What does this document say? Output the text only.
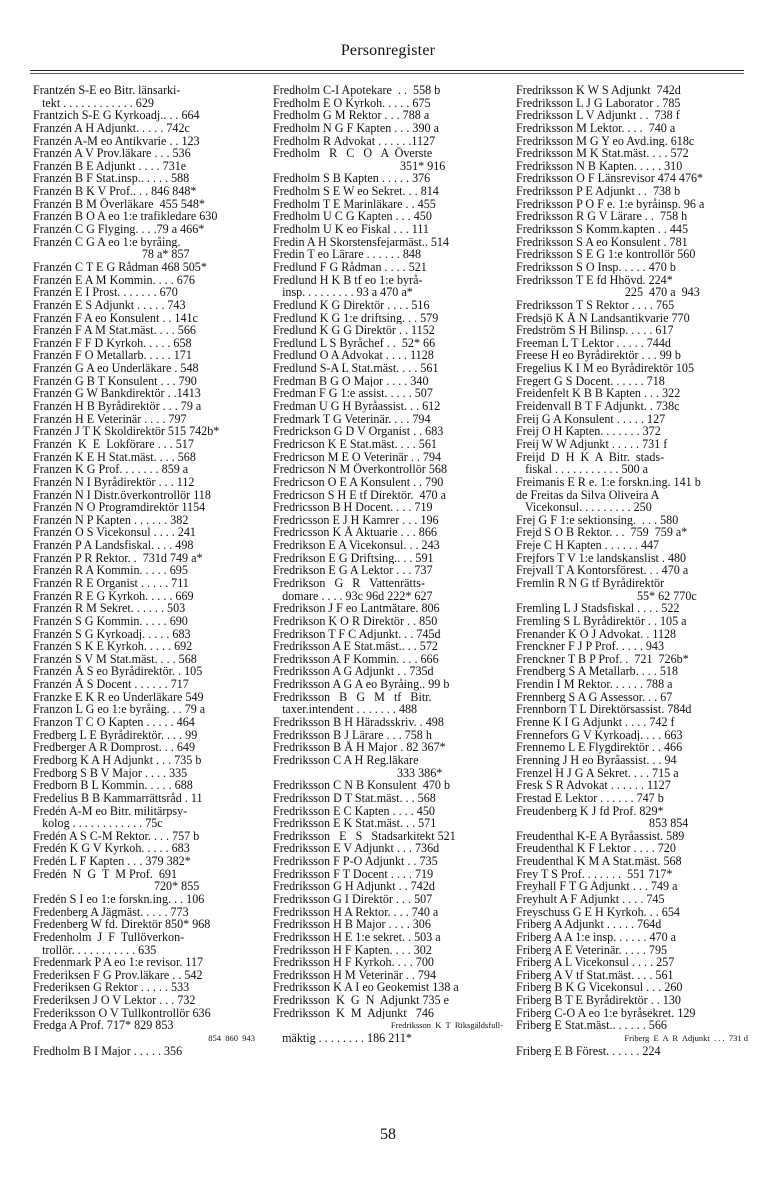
Personregister
Frantzén S-E eo Bitr. länsarki-
tekt . . . . . . . . . . . . 629
Frantzich S-E G Kyrkoadj.. . . 664
Franzén A H Adjunkt. . . . . 742c
Franzén A-M eo Antikvarie . . 123
Franzén A V Prov.läkare . . . 536
Franzén B E Adjunkt . . . . 731e
Franzén B F Stat.insp.. . . . . 588
Franzén B K V Prof.. . . 846 848*
Franzén B M Överläkare  455 548*
Franzén B O A eo 1:e trafikledare 630
Franzén C G Flyging. . . .79 a 466*
Franzén C G A eo 1:e byråing.
78 a* 857
Franzén C T E G Rådman 468 505*
Franzén E A M Kommin. . . . 676
Franzén E I Prost. . . . . . . 670
Franzén E S Adjunkt . . . . . 743
Franzén F A eo Konsulent . . 141c
Franzén F A M Stat.mäst. . . . 566
Franzén F F D Kyrkoh. . . . . 658
Franzén F O Metallarb. . . . . 171
Franzén G A eo Underläkare . 548
Franzén G B T Konsulent . . . 790
Franzén G W Bankdirektör . .1413
Franzén H B Byrådirektör . . . 79 a
Franzén H E Veterinär . . . . 797
Franzén J T K Skoldirektör 515 742b*
Franzén  K  E  Lokförare . . . 517
Franzén K E H Stat.mäst. . . . 568
Franzen K G Prof. . . . . . . 859 a
Franzén N I Byrådirektör . . . 112
Franzén N I Distr.överkontrollör 118
Franzén N O Programdirektör 1154
Franzén N P Kapten . . . . . . 382
Franzén O S Vicekonsul . . . . 241
Franzén P A Landsfiskal. . . . 498
Franzén P R Rektor. .  731d 749 a*
Franzén R A Kommin. . . . . 695
Franzén R E Organist . . . . . 711
Franzén R E G Kyrkoh. . . . . 669
Franzén R M Sekret. . . . . . 503
Franzén S G Kommin. . . . . 690
Franzén S G Kyrkoadj. . . . . 683
Franzén S K E Kyrkoh. . . . . 692
Franzén S V M Stat.mäst. . . . 568
Franzén Å S eo Byrådirektör. . 105
Franzén Å S Docent . . . . . . 717
Franzke E K R eo Underläkare 549
Franzon L G eo 1:e byråing. . . 79 a
Franzon T C O Kapten . . . . . 464
Fredberg L E Byrådirektör. . . . 99
Fredberger A R Domprost. . . 649
Fredborg K A H Adjunkt . . . 735 b
Fredborg S B V Major . . . . 335
Fredborn B L Kommin. . . . . 688
Fredelius B B Kammarrättsråd . 11
Fredén A-M eo Bitr. militärpsy-
kolog . . . . . . . . . . . . 75c
Fredén A S C-M Rektor. . . . 757 b
Fredén K G V Kyrkoh. . . . . 683
Fredén L F Kapten . . . 379 382*
Fredén  N  G  T  M Prof.  691
720* 855
Fredén S I eo 1:e forskn.ing. . . 106
Fredenberg A Jägmäst. . . . . 773
Fredenberg W fd. Direktör 850* 968
Fredenholm  J  F  Tullöverkon-
trollör. . . . . . . . . . . 635
Fredenmark P A eo 1:e revisor. 117
Frederiksen F G Prov.läkare . . 542
Frederiksen G Rektor . . . . . 533
Frederiksen J O V Lektor . . . 732
Frederiksson O V Tullkontrollör 636
Fredga A Prof. 717* 829 853
854  860  943
Fredholm B I Major . . . . . 356
Fredholm C-I Apotekare  . .  558 b
Fredholm E O Kyrkoh. . . . . 675
Fredholm G M Rektor . . . 788 a
Fredholm N G F Kapten . . . 390 a
Fredholm R Advokat . . . . . .1127
Fredholm   R   C   O   A  Överste
351* 916
Fredholm S B Kapten . . . . . 376
Fredholm S E W eo Sekret. . . 814
Fredholm T E Marinläkare . . 455
Fredholm U C G Kapten . . . 450
Fredholm U K eo Fiskal . . . 111
Fredin A H Skorstensfejarmäst.. 514
Fredin T eo Lärare . . . . . . 848
Fredlund F G Rådman . . . . 521
Fredlund H K B tf eo 1:e byrå-
insp. . . . . . . . . 93 a 470 a*
Fredlund K G Direktör . . . . 516
Fredlund K G 1:e driftsing. . . 579
Fredlund K G G Direktör . . 1152
Fredlund L S Byråchef . .  52* 66
Fredlund O A Advokat . . . . 1128
Fredlund S-A L Stat.mäst. . . . 561
Fredman B G O Major . . . . 340
Fredman F G 1:e assist. . . . . 507
Fredman U G H Byråassist. . . 612
Fredmark T G Veterinär. . . . 794
Fredrickson G D V Organist . . 683
Fredricson K E Stat.mäst. . . . 561
Fredricson M E O Veterinär . . 794
Fredricson N M Överkontrollör 568
Fredricson O E A Konsulent . . 790
Fredricson S H E tf Direktör.  470 a
Fredricsson B H Docent. . . . 719
Fredricsson E J H Kamrer . . . 196
Fredricsson K Å Aktuarie . . . 866
Fredrikson E A Vicekonsul. . . 243
Fredrikson E G Driftsing.. . . 591
Fredrikson E G A Lektor . . . 737
Fredrikson   G   R   Vattenrätts-
domare . . . . 93c 96d 222* 627
Fredrikson J F eo Lantmätare. 806
Fredrikson K O R Direktör . . 850
Fredrikson T F C Adjunkt. . . 745d
Fredriksson A E Stat.mäst.. . . 572
Fredriksson A F Kommin. . . . 666
Fredriksson A G Adjunkt . . 735d
Fredriksson A G A eo Byråing.. 99 b
Fredriksson   B   G   M   tf   Bitr.
taxer.intendent . . . . . . . 488
Fredriksson B H Häradsskriv. . 498
Fredriksson B J Lärare . . . 758 h
Fredriksson B Å H Major . 82 367*
Fredriksson C A H Reg.läkare
333 386*
Fredriksson C N B Konsulent  470 b
Fredriksson D T Stat.mäst. . . 568
Fredriksson E C Kapten . . . . 450
Fredriksson E K Stat.mäst. . . 571
Fredriksson   E   S   Stadsarkitekt 521
Fredriksson E V Adjunkt . . . 736d
Fredriksson F P-O Adjunkt . . 735
Fredriksson F T Docent . . . . 719
Fredriksson G H Adjunkt . . 742d
Fredriksson G I Direktör . . . 507
Fredriksson H A Rektor. . . . 740 a
Fredriksson H B Major . . . . 306
Fredriksson H E 1:e sekret. . 503 a
Fredriksson H F Kapten. . . . 302
Fredriksson H F Kyrkoh. . . . 700
Fredriksson H M Veterinär . . 794
Fredriksson K A I eo Geokemist 138 a
Fredriksson  K  G  N  Adjunkt 735 e
Fredriksson  K  M  Adjunkt   746
Fredriksson  K  T  Riksgäldsfull-
mäktig . . . . . . . . 186 211*
Fredriksson K W S Adjunkt  742d
Fredriksson L J G Laborator . 785
Fredriksson L V Adjunkt . .  738 f
Fredriksson M Lektor. . . .  740 a
Fredriksson M G Y eo Avd.ing. 618c
Fredriksson M K Stat.mäst. . . . 572
Fredriksson N B Kapten. . . . . 310
Fredriksson O F Länsrevisor 474 476*
Fredriksson P E Adjunkt . .  738 b
Fredriksson P O F e. 1:e byråinsp. 96 a
Fredriksson R G V Lärare . .  758 h
Fredriksson S Komm.kapten . . 445
Fredriksson S A eo Konsulent . 781
Fredriksson S E G 1:e kontrollör 560
Fredriksson S O Insp. . . . . 470 b
Fredriksson T E fd Hhövd. 224*
225  470 a  943
Fredriksson T S Rektor . . . . 765
Fredsjö K Å N Landsantikvarie 770
Fredström S H Bilinsp. . . . . 617
Freeman L T Lektor . . . . . 744d
Freese H eo Byrådirektör . . . 99 b
Fregelius K I M eo Byrådirektör 105
Fregert G S Docent. . . . . . 718
Freidenfelt K B B Kapten . . . 322
Freidenvall B T F Adjunkt. . 738c
Freij G A Konsulent . . . . . 127
Freij O H Kapten. . . . . . . 372
Freij W W Adjunkt . . . . . 731 f
Freijd  D  H  K  A  Bitr.  stads-
fiskal . . . . . . . . . . . 500 a
Freimanis E R e. 1:e forskn.ing. 141 b
de Freitas da Silva Oliveira A
Vicekonsul. . . . . . . . . 250
Frej G F 1:e sektionsing.  . . . 580
Frejd S O B Rektor. . .  759  759 a*
Freje C H Kapten . . . . . . 447
Frejfors T V 1:e landskanslist . 480
Frejvall T A Kontorsförest. . . 470 a
Fremlin R N G tf Byrådirektör
55* 62 770c
Fremling L J Stadsfiskal . . . . 522
Fremling S L Byrådirektör . . 105 a
Frenander K O J Advokat. . 1128
Frenckner F J P Prof. . . . . 943
Frenckner T B P Prof. .  721  726b*
Frendberg S A Metallarb. . . . 518
Frendin I M Rektor. . . . . . 788 a
Frennberg S A G Assessor. . . 67
Frennborn T L Direktörsassist. 784d
Frenne K I G Adjunkt . . . . 742 f
Frennefors G V Kyrkoadj. . . . 663
Frennemo L E Flygdirektör . . 466
Frenning J H eo Byråassist. . . 94
Frenzel H J G A Sekret. . . . 715 a
Fresk S R Advokat . . . . . . 1127
Frestad E Lektor . . . . . . 747 b
Freudenberg K J fd Prof. 829*
853 854
Freudenthal K-E A Byråassist. 589
Freudenthal K F Lektor . . . . 720
Freudenthal K M A Stat.mäst. 568
Frey T S Prof. . . . . . .  551 717*
Freyhall F T G Adjunkt . . . 749 a
Freyhult A F Adjunkt . . . . 745
Freyschuss G E H Kyrkoh. . . 654
Friberg A Adjunkt . . . . . 764d
Friberg A A 1:e insp. . . . . . 470 a
Friberg A E Veterinär. . . . . 795
Friberg A L Vicekonsul . . . . 257
Friberg A V tf Stat.mäst. . . . 561
Friberg B K G Vicekonsul . . . 260
Friberg B T E Byrådirektör . . 130
Friberg C-O A eo 1:e byråsekret. 129
Friberg E Stat.mäst.. . . . . . 566
Friberg  E  A  R  Adjunkt  . . .  731 d
Friberg E B Förest. . . . . . 224
58
